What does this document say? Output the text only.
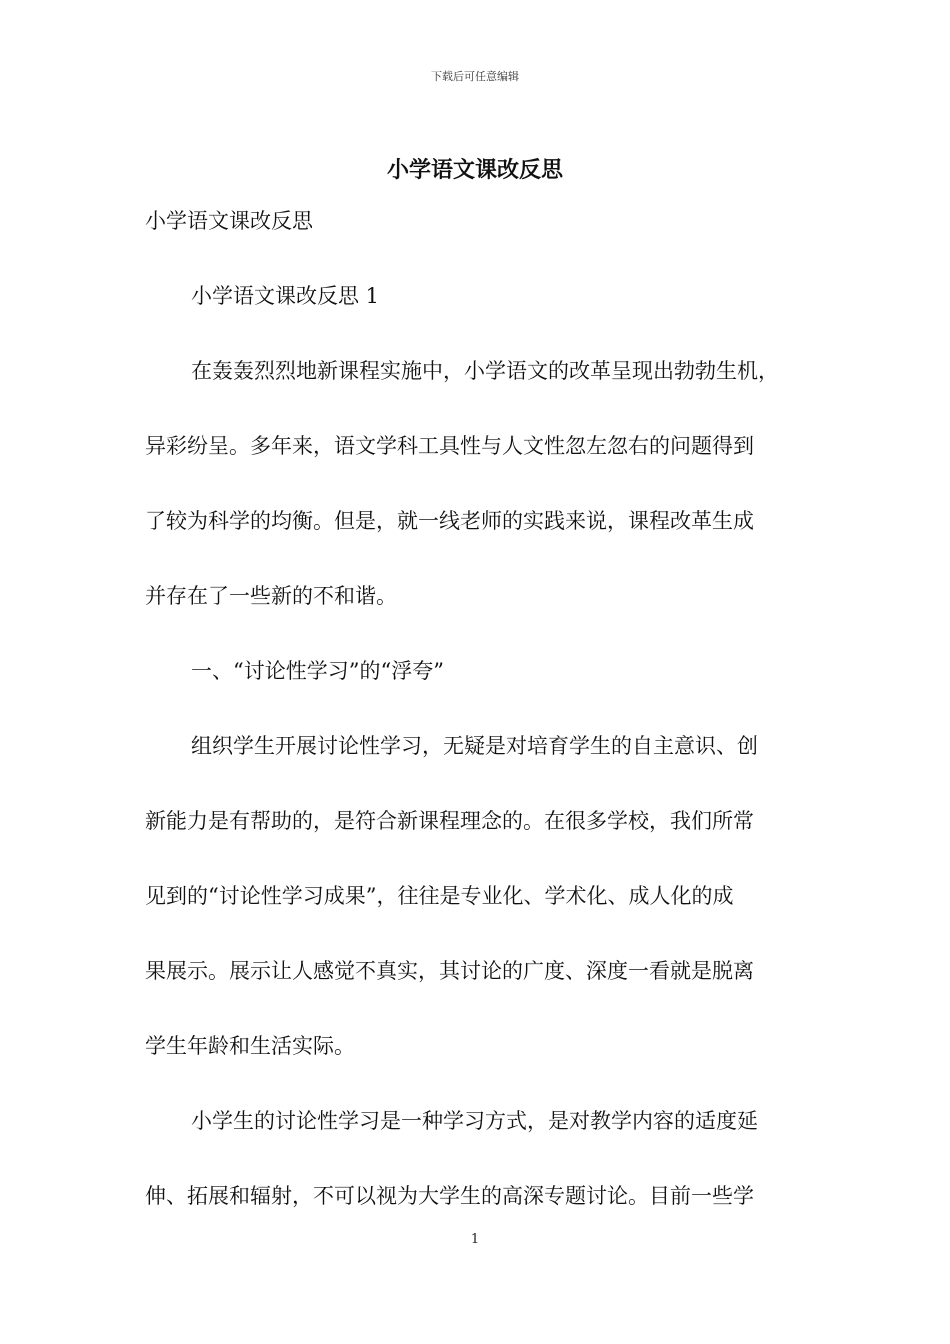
下载后可任意编辑
小学语文课改反思
小学语文课改反思
小学语文课改反思 1
在轰轰烈烈地新课程实施中，小学语文的改革呈现出勃勃生机，
异彩纷呈。多年来，语文学科工具性与人文性忽左忽右的问题得到
了较为科学的均衡。但是，就一线老师的实践来说，课程改革生成
并存在了一些新的不和谐。
一、“讨论性学习”的“浮夸”
组织学生开展讨论性学习，无疑是对培育学生的自主意识、创
新能力是有帮助的，是符合新课程理念的。在很多学校，我们所常
见到的“讨论性学习成果”，往往是专业化、学术化、成人化的成
果展示。展示让人感觉不真实，其讨论的广度、深度一看就是脱离
学生年龄和生活实际。
小学生的讨论性学习是一种学习方式，是对教学内容的适度延
伸、拓展和辐射，不可以视为大学生的高深专题讨论。目前一些学
1
